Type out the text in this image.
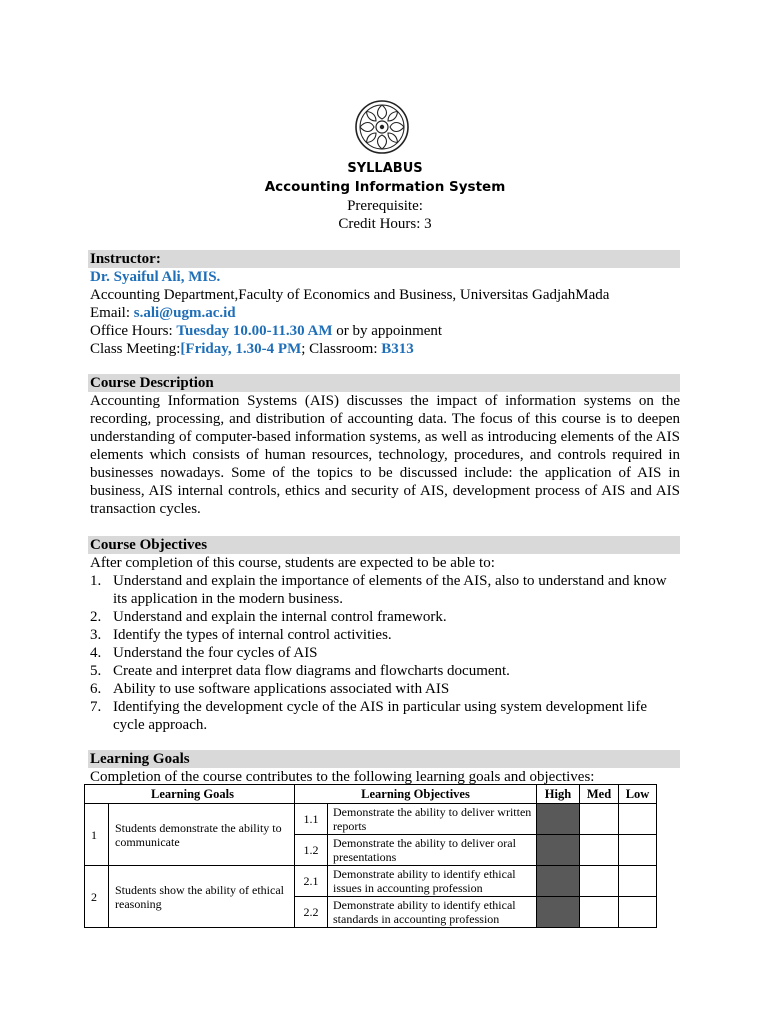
SYLLABUS
Accounting Information System
Prerequisite:
Credit Hours: 3
Instructor:
Dr. Syaiful Ali, MIS.
Accounting Department,Faculty of Economics and Business, Universitas GadjahMada
Email: s.ali@ugm.ac.id
Office Hours: Tuesday 10.00-11.30 AM or by appoinment
Class Meeting:[Friday, 1.30-4 PM; Classroom: B313
Course Description
Accounting Information Systems (AIS) discusses the impact of information systems on the recording, processing, and distribution of accounting data. The focus of this course is to deepen understanding of computer-based information systems, as well as introducing elements of the AIS elements which consists of human resources, technology, procedures, and controls required in businesses nowadays. Some of the topics to be discussed include: the application of AIS in business, AIS internal controls, ethics and security of AIS, development process of AIS and AIS transaction cycles.
Course Objectives
After completion of this course, students are expected to be able to:
1. Understand and explain the importance of elements of the AIS, also to understand and know its application in the modern business.
2. Understand and explain the internal control framework.
3. Identify the types of internal control activities.
4. Understand the four cycles of AIS
5. Create and interpret data flow diagrams and flowcharts document.
6. Ability to use software applications associated with AIS
7. Identifying the development cycle of the AIS in particular using system development life cycle approach.
Learning Goals
Completion of the course contributes to the following learning goals and objectives:
Learning Goals		Learning Objectives		High	Med	Low
1	Students demonstrate the ability to communicate	1.1	Demonstrate the ability to deliver written reports			
		1.2	Demonstrate the ability to deliver oral presentations			
2	Students show the ability of ethical reasoning	2.1	Demonstrate ability to identify ethical issues in accounting profession			
		2.2	Demonstrate ability to identify ethical standards in accounting profession			
